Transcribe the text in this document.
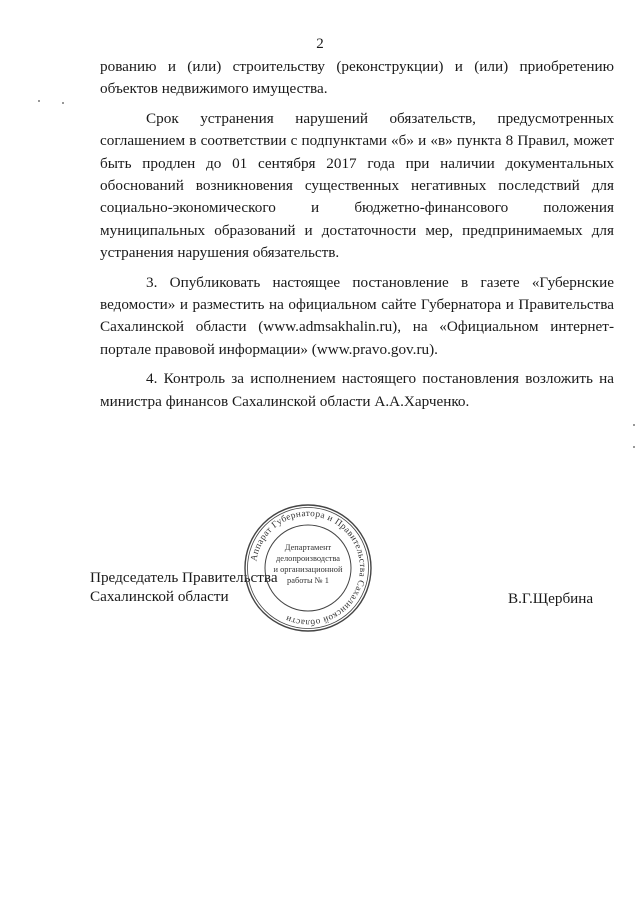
2

рованию и (или) строительству (реконструкции) и (или) приобретению объектов недвижимого имущества.

Срок устранения нарушений обязательств, предусмотренных соглашением в соответствии с подпунктами «б» и «в» пункта 8 Правил, может быть продлен до 01 сентября 2017 года при наличии документальных обоснований возникновения существенных негативных последствий для социально-экономического и бюджетно-финансового положения муниципальных образований и достаточности мер, предпринимаемых для устранения нарушения обязательств.

3. Опубликовать настоящее постановление в газете «Губернские ведомости» и разместить на официальном сайте Губернатора и Правительства Сахалинской области (www.admsakhalin.ru), на «Официальном интернет-портале правовой информации» (www.pravo.gov.ru).

4. Контроль за исполнением настоящего постановления возложить на министра финансов Сахалинской области А.А.Харченко.

Председатель Правительства
Сахалинской области	В.Г.Щербина
Аппарат Губернатора и Правительства Сахалинской области
Департамент
делопроизводства
и организационной
работы № 1
